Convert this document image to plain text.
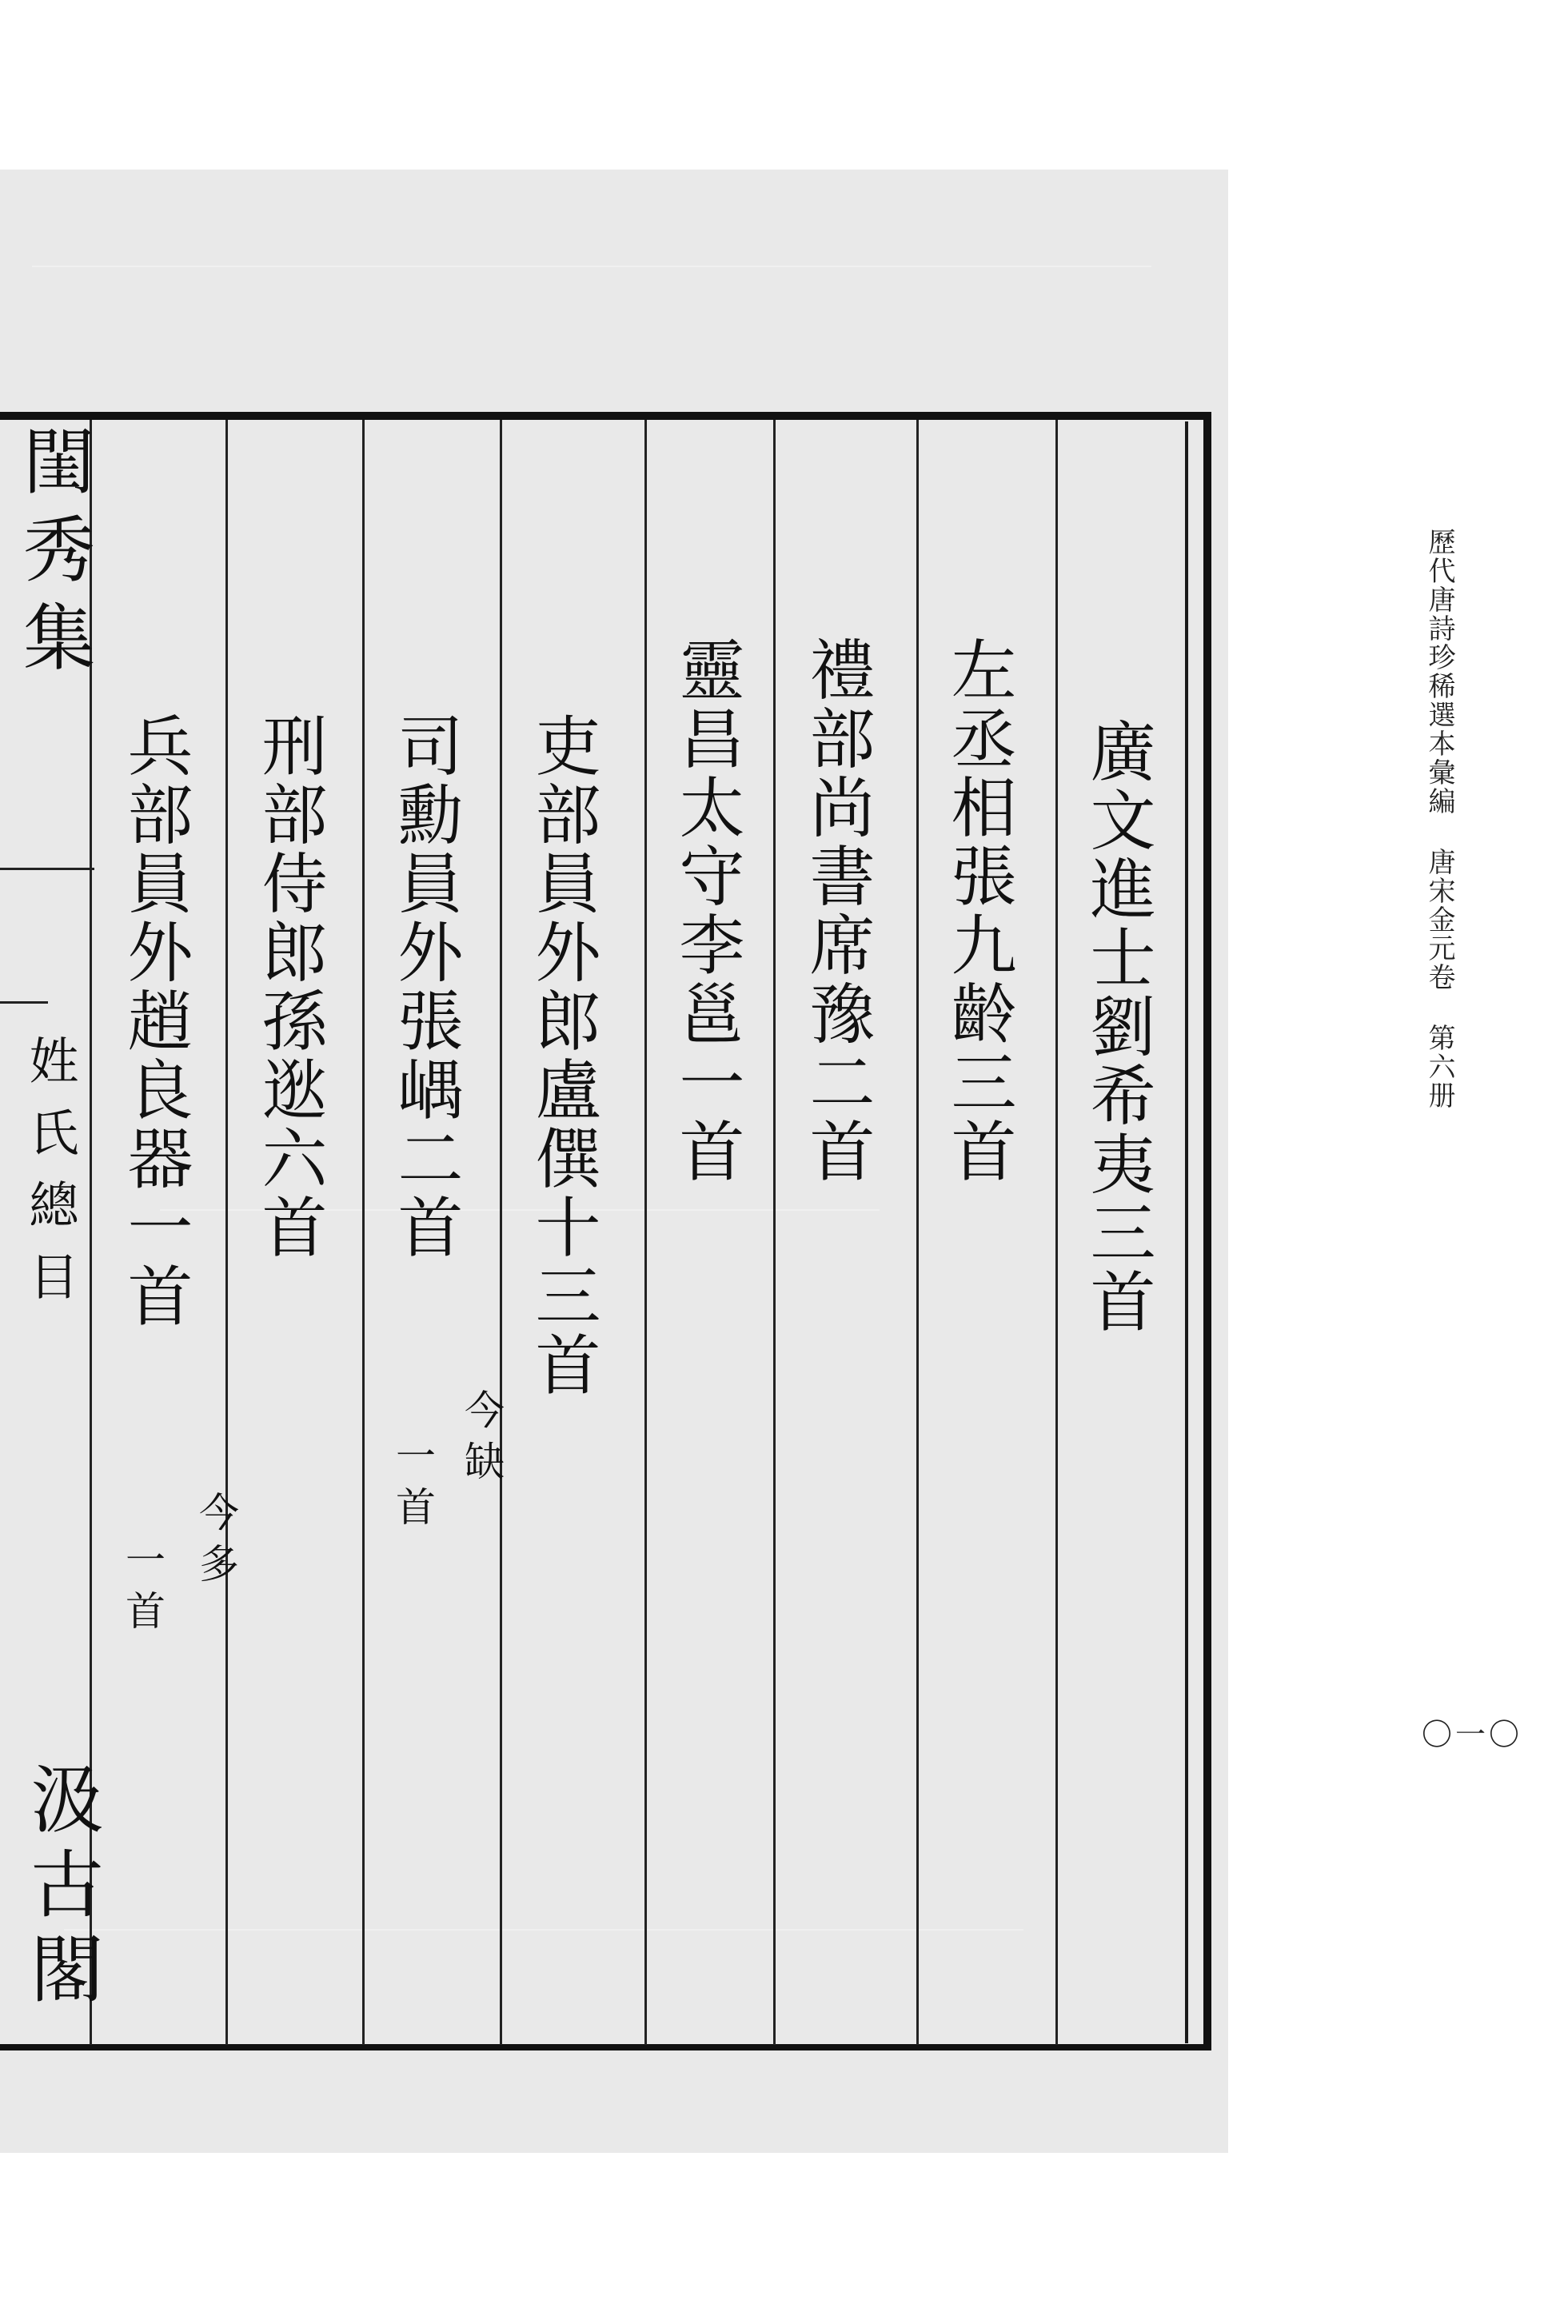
閨秀集
姓氏總目
汲古閣
廣文進士劉希夷三首
左丞相張九齡三首
禮部尚書席豫二首
靈昌太守李邕一首
吏部員外郎盧僎十三首
司勳員外張嵎二首
刑部侍郎孫逖六首
兵部員外趙良器一首
今缺
一首
今多
一首
歷代唐詩珍稀選本彙編唐宋金元卷第六册
〇一〇
